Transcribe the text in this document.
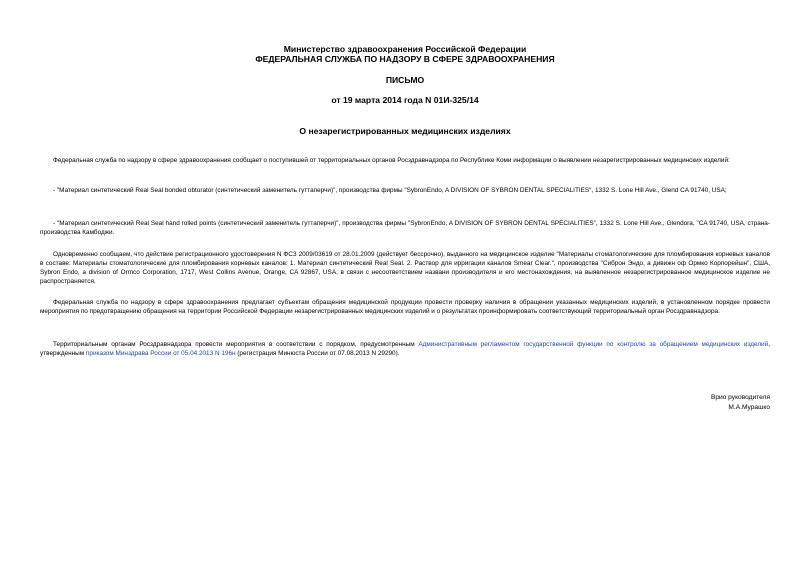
Министерство здравоохранения Российской Федерации

ФЕДЕРАЛЬНАЯ СЛУЖБА ПО НАДЗОРУ В СФЕРЕ ЗДРАВООХРАНЕНИЯ

ПИСЬМО

от 19 марта 2014 года N 01И-325/14

О незарегистрированных медицинских изделиях

Федеральная служба по надзору в сфере здравоохранения сообщает о поступившей от территориальных органов Росздравнадзора по Республике Коми информации о выявлении незарегистрированных медицинских изделий:

- "Материал синтетический Real Seal bonded obturator (синтетический заменитель гуттаперчи)", производства фирмы "SybronEndo, A DIVISION OF SYBRON DENTAL SPECIALITIES", 1332 S. Lone Hill Ave., Glend CA 91740, USA;

- "Материал синтетический Real Seal hand rolled points (синтетический заменитель гуттаперчи)", производства фирмы "SybronEndo, A DIVISION OF SYBRON DENTAL SPECIALITIES", 1332 S. Lone Hill Ave., Glendora, "CA 91740, USA, страна-производства Камбоджи.

Одновременно сообщаем, что действие регистрационного удостоверения N ФСЗ 2009/03619 от 28.01.2009 (действует бессрочно), выданного на медицинское изделие "Материалы стоматологические для пломбирования корневых каналов в составе: Материалы стоматологические для пломбирования корневых каналов: 1. Материал синтетический Real Seal. 2. Раствор для ирригации каналов Smear Clear.", производства "Сиброн Эндо, а дивижн оф Ормко Корпорейшн", США, Sybron Endo, a division of Ormco Corporation, 1717, West Collins Avenue, Orange, CA 92867, USA, в связи с несоответствием названи производителя и его местонахождения, на выявленное незарегистрированное медицинское изделие не распространяется.

Федеральная служба по надзору в сфере здравоохранения предлагает субъектам обращения медицинской продукции провести проверку наличия в обращении указанных медицинских изделий, в установленном порядке провести мероприятия по предотвращению обращения на территории Российской Федерации незарегистрированных медицинских изделий и о результатах проинформировать соответствующий территориальный орган Росздравнадзора.

Территориальным органам Росздравнадзора провести мероприятия в соответствии с порядком, предусмотренным Административным регламентом государственной функции по контролю за обращением медицинских изделий, утвержденным приказом Минздрава России от 05.04.2013 N 196н (регистрация Минюста России от 07.08.2013 N 29290).

Врио руководителя

М.А.Мурашко
